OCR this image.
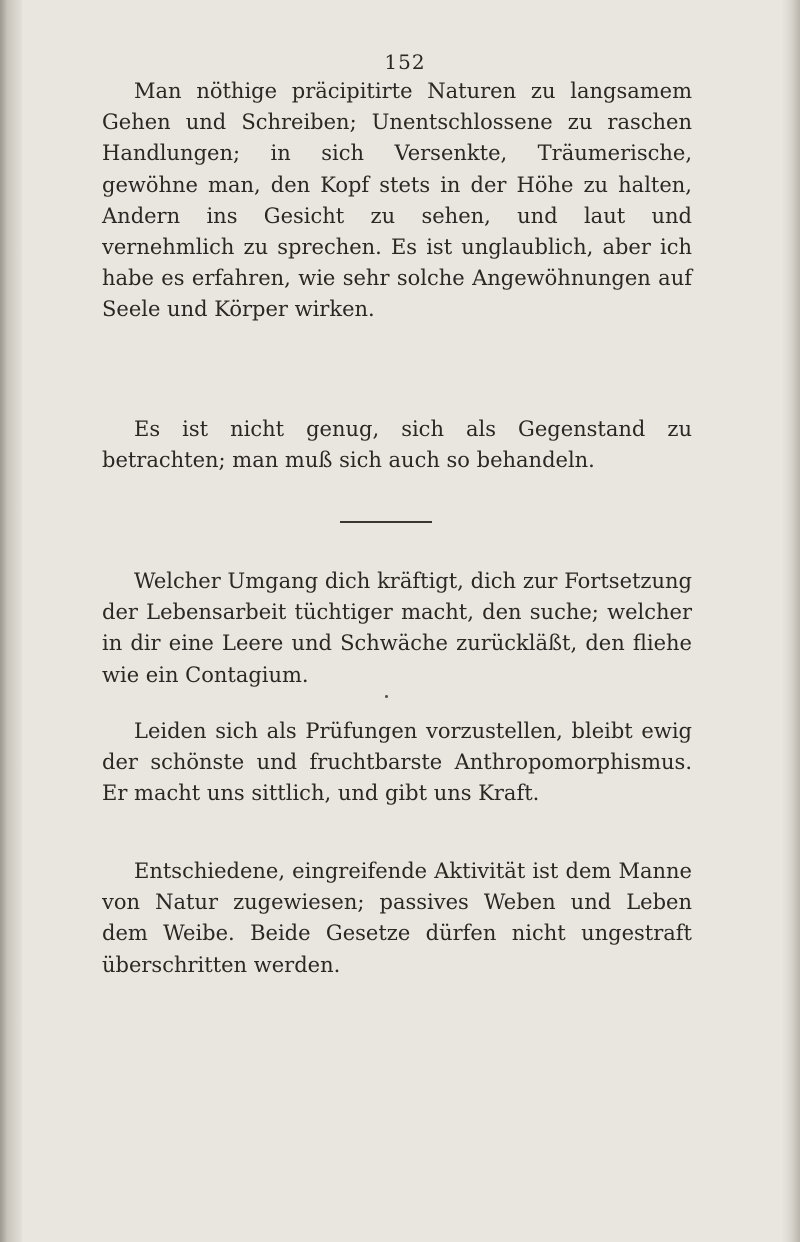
152

Man nöthige präcipitirte Naturen zu langsamem Gehen und Schreiben; Unentschlossene zu raschen Handlungen; in sich Versenkte, Träumerische, gewöhne man, den Kopf stets in der Höhe zu halten, Andern ins Gesicht zu sehen, und laut und vernehmlich zu sprechen. Es ist unglaublich, aber ich habe es erfahren, wie sehr solche Angewöhnungen auf Seele und Körper wirken.

Es ist nicht genug, sich als Gegenstand zu betrachten; man muß sich auch so behandeln.

Welcher Umgang dich kräftigt, dich zur Fortsetzung der Lebensarbeit tüchtiger macht, den suche; welcher in dir eine Leere und Schwäche zurückläßt, den fliehe wie ein Contagium.

Leiden sich als Prüfungen vorzustellen, bleibt ewig der schönste und fruchtbarste Anthropomorphismus. Er macht uns sittlich, und gibt uns Kraft.

Entschiedene, eingreifende Aktivität ist dem Manne von Natur zugewiesen; passives Weben und Leben dem Weibe. Beide Gesetze dürfen nicht ungestraft überschritten werden.
